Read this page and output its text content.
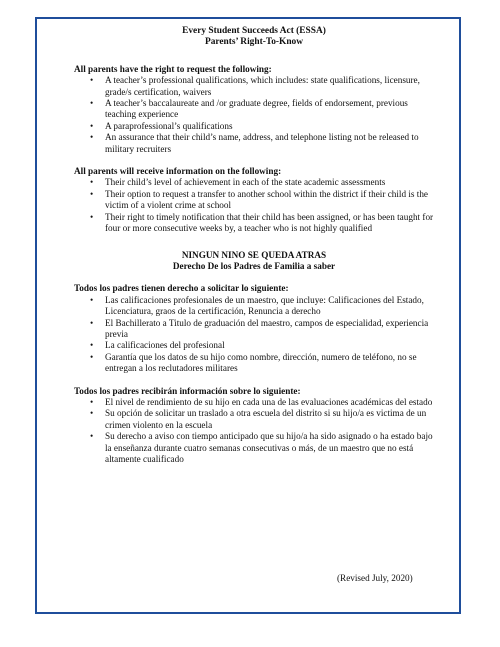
Every Student Succeeds Act (ESSA)
Parents’ Right-To-Know

All parents have the right to request the following:

• A teacher’s professional qualifications, which includes: state qualifications, licensure, grade/s certification, waivers
• A teacher’s baccalaureate and /or graduate degree, fields of endorsement, previous teaching experience
• A paraprofessional’s qualifications
• An assurance that their child’s name, address, and telephone listing not be released to military recruiters

All parents will receive information on the following:

• Their child’s level of achievement in each of the state academic assessments
• Their option to request a transfer to another school within the district if their child is the victim of a violent crime at school
• Their right to timely notification that their child has been assigned, or has been taught for four or more consecutive weeks by, a teacher who is not highly qualified
NINGUN NINO SE QUEDA ATRAS
Derecho De los Padres de Familia a saber

Todos los padres tienen derecho a solicitar lo siguiente:

• Las calificaciones profesionales de un maestro, que incluye: Calificaciones del Estado, Licenciatura, graos de la certificación, Renuncia a derecho
• El Bachillerato a Titulo de graduación del maestro, campos de especialidad, experiencia previa
• La calificaciones del profesional
• Garantía que los datos de su hijo como nombre, dirección, numero de teléfono, no se entregan a los reclutadores militares

Todos los padres recibirán información sobre lo siguiente:

• El nivel de rendimiento de su hijo en cada una de las evaluaciones académicas del estado
• Su opción de solicitar un traslado a otra escuela del distrito si su hijo/a es victima de un crimen violento en la escuela
• Su derecho a aviso con tiempo anticipado que su hijo/a ha sido asignado o ha estado bajo la enseñanza durante cuatro semanas consecutivas o más, de un maestro que no está altamente cualificado
(Revised July, 2020)
